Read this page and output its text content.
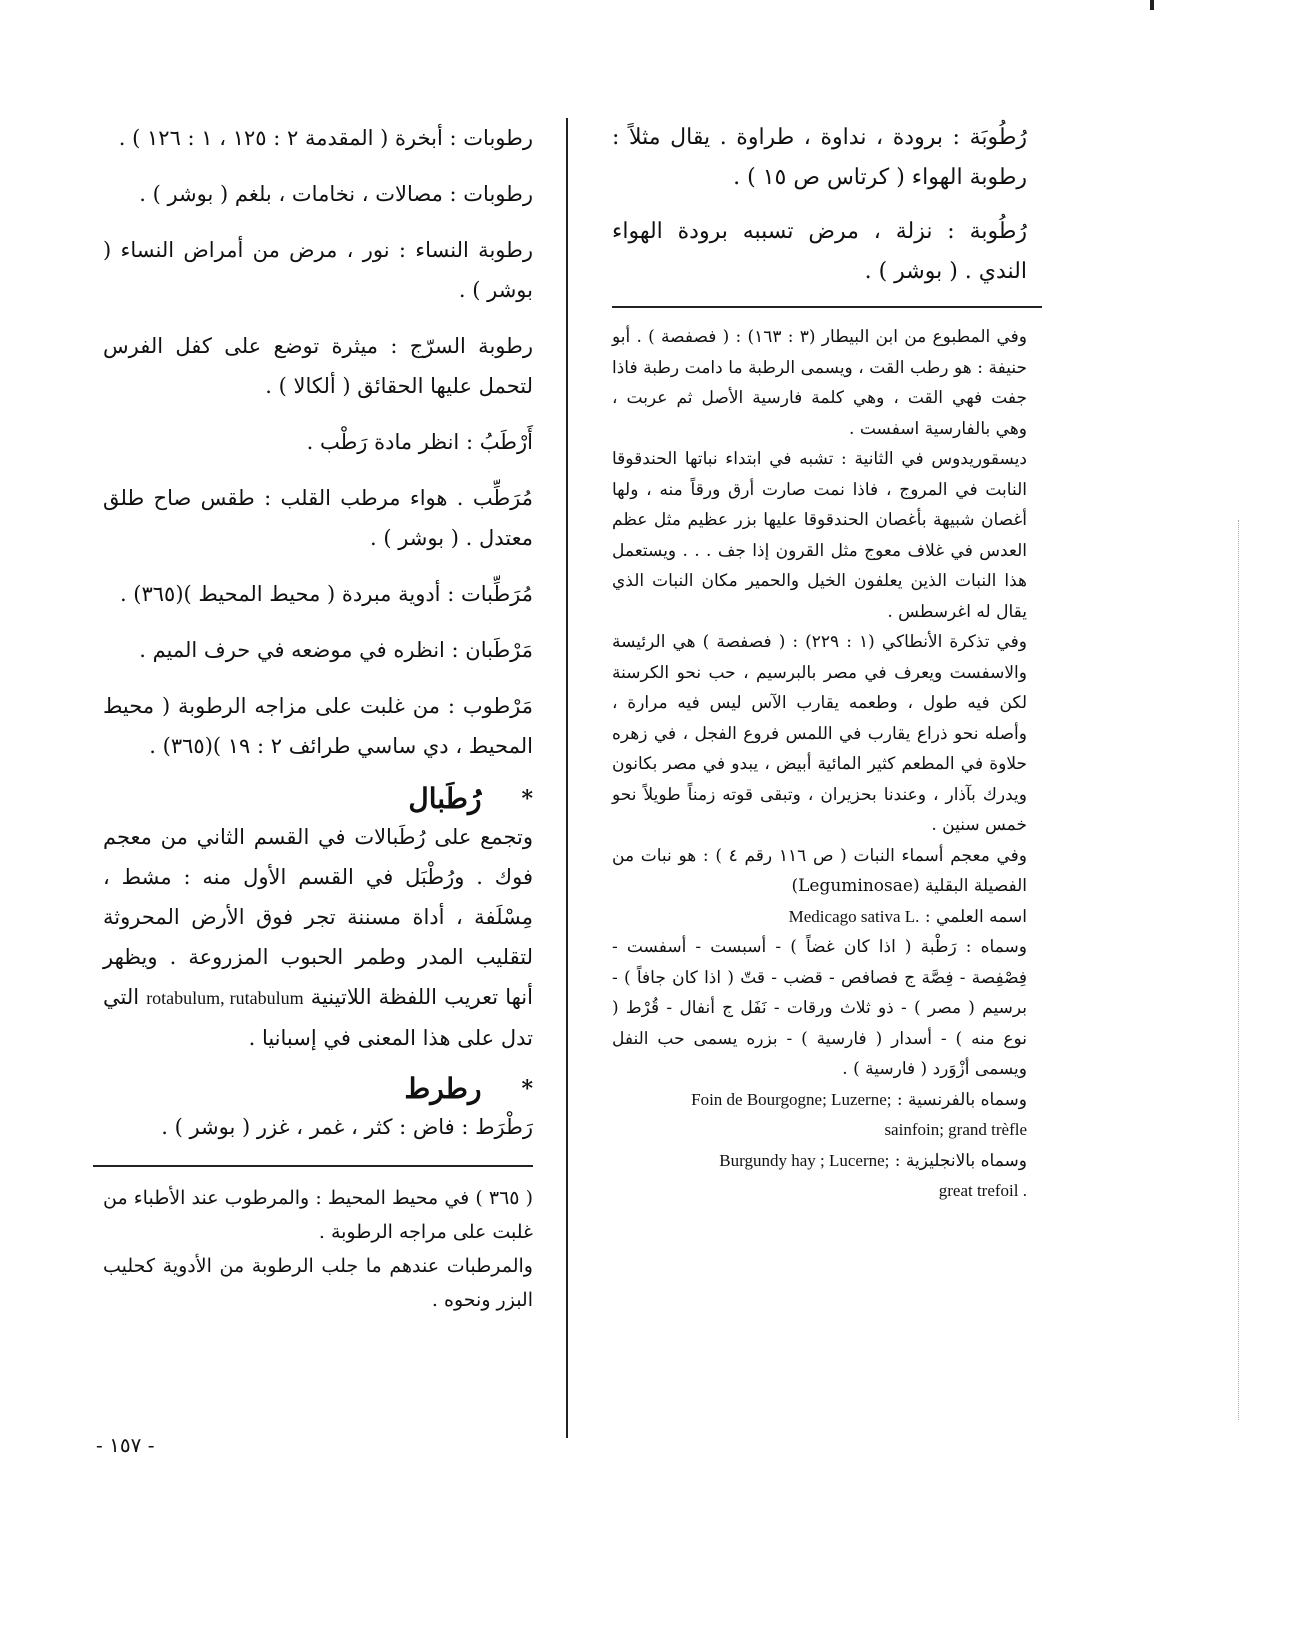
رُطُوبَة : برودة ، نداوة ، طراوة . يقال مثلاً : رطوبة الهواء ( كرتاس ص ١٥ ) .

رُطُوبة : نزلة ، مرض تسببه برودة الهواء الندي . ( بوشر ) .

وفي المطبوع من ابن البيطار (٣ : ١٦٣) : ( فصفصة ) . أبو حنيفة : هو رطب القت ، ويسمى الرطبة ما دامت رطبة فاذا جفت فهي القت ، وهي كلمة فارسية الأصل ثم عربت ، وهي بالفارسية اسفست .

ديسقوريدوس في الثانية : تشبه في ابتداء نباتها الحندقوقا النابت في المروج ، فاذا نمت صارت أرق ورقاً منه ، ولها أغصان شبيهة بأغصان الحندقوقا عليها بزر عظيم مثل عظم العدس في غلاف معوج مثل القرون إذا جف . . . ويستعمل هذا النبات الذين يعلفون الخيل والحمير مكان النبات الذي يقال له اغرسطس .

وفي تذكرة الأنطاكي (١ : ٢٢٩) : ( فصفصة ) هي الرئيسة والاسفست ويعرف في مصر بالبرسيم ، حب نحو الكرسنة لكن فيه طول ، وطعمه يقارب الآس ليس فيه مرارة ، وأصله نحو ذراع يقارب في اللمس فروع الفجل ، في زهره حلاوة في المطعم كثير المائية أبيض ، يبدو في مصر بكانون ويدرك بآذار ، وعندنا بحزيران ، وتبقى قوته زمناً طويلاً نحو خمس سنين .

وفي معجم أسماء النبات ( ص ١١٦ رقم ٤ ) : هو نبات من الفصيلة البقلية (Leguminosae)

اسمه العلمي : Medicago sativa L.

وسماه : رَطْبة ( اذا كان غضاً ) - أسبست - أسفست - فِصْفِصة - فِصَّة ج فصافص - قضب - قتّ ( اذا كان جافاً ) - برسيم ( مصر ) - ذو ثلاث ورقات - نَفَل ج أنفال - قُرْط ( نوع منه ) - أسدار ( فارسية ) - بزره يسمى حب النفل ويسمى أزْوَرد ( فارسية ) .

وسماه بالفرنسية : Foin de Bourgogne; Luzerne;

sainfoin; grand trèfle

وسماه بالانجليزية : Burgundy hay ; Lucerne;

great trefoil .

رطوبات : أبخرة ( المقدمة ٢ : ١٢٥ ، ١ : ١٢٦ ) .

رطوبات : مصالات ، نخامات ، بلغم ( بوشر ) .

رطوبة النساء : نور ، مرض من أمراض النساء ( بوشر ) .

رطوبة السرّج : ميثرة توضع على كفل الفرس لتحمل عليها الحقائق ( ألكالا ) .

أَرْطَبُ : انظر مادة رَطْب .

مُرَطِّب . هواء مرطب القلب : طقس صاح طلق معتدل . ( بوشر ) .

مُرَطِّبات : أدوية مبردة ( محيط المحيط )(٣٦٥) .

مَرْطَبان : انظره في موضعه في حرف الميم .

مَرْطوب : من غلبت على مزاجه الرطوبة ( محيط المحيط ، دي ساسي طرائف ٢ : ١٩ )(٣٦٥) .

*
رُطَبال

وتجمع على رُطَبالات في القسم الثاني من معجم فوك . ورُطْبَل في القسم الأول منه : مشط ، مِسْلَفة ، أداة مسننة تجر فوق الأرض المحروثة لتقليب المدر وطمر الحبوب المزروعة . ويظهر أنها تعريب اللفظة اللاتينية rotabulum, rutabulum التي تدل على هذا المعنى في إسبانيا .

*
رطرط

رَطْرَط : فاض : كثر ، غمر ، غزر ( بوشر ) .

( ٣٦٥ ) في محيط المحيط : والمرطوب عند الأطباء من غلبت على مراجه الرطوبة .

والمرطبات عندهم ما جلب الرطوبة من الأدوية كحليب البزر ونحوه .

- ١٥٧ -
